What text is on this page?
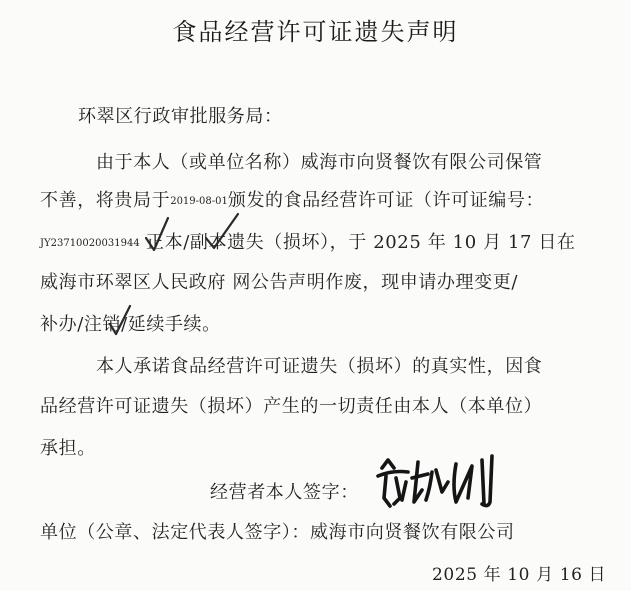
食品经营许可证遗失声明
环翠区行政审批服务局：
由于本人（或单位名称）威海市向贤餐饮有限公司保管
不善，将贵局于2019-08-01颁发的食品经营许可证（许可证编号：
JY23710020031944 正本/副本遗失（损坏），于 2025 年 10 月 17 日在
威海市环翠区人民政府 网公告声明作废，现申请办理变更/
补办/注销/延续手续。
本人承诺食品经营许可证遗失（损坏）的真实性，因食
品经营许可证遗失（损坏）产生的一切责任由本人（本单位）
承担。
经营者本人签字：
单位（公章、法定代表人签字）：威海市向贤餐饮有限公司
2025 年 10 月 16 日
